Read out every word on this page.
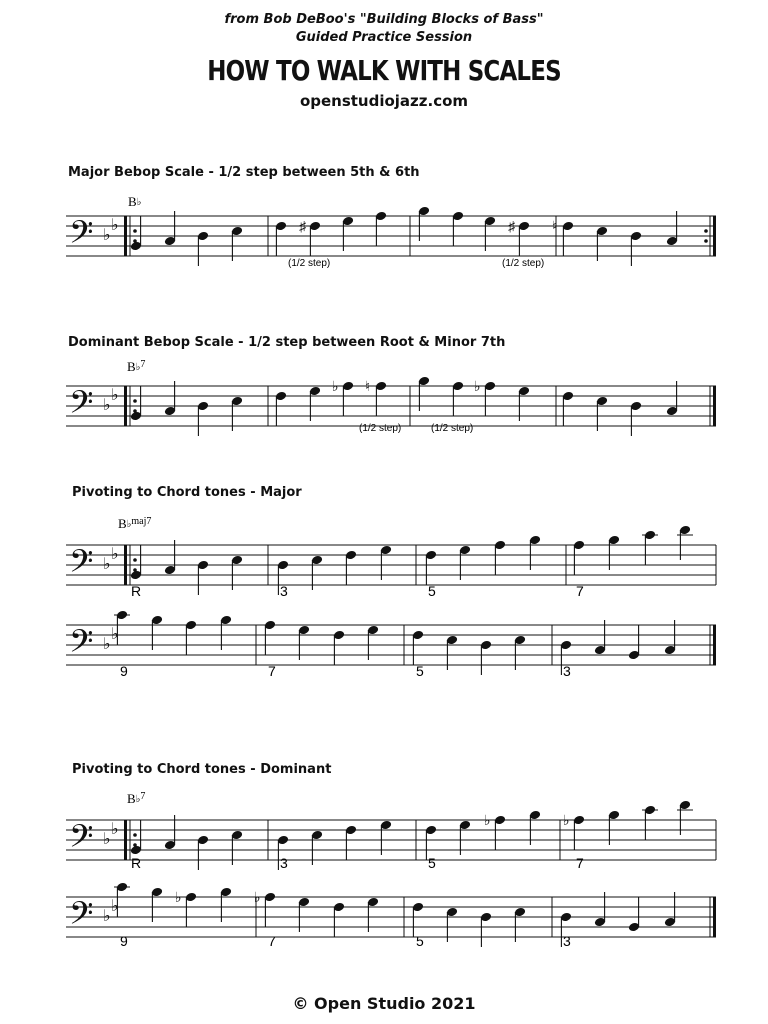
from Bob DeBoo's "Building Blocks of Bass"
Guided Practice Session
HOW TO WALK WITH SCALES
openstudiojazz.com
Major Bebop Scale - 1/2 step between 5th & 6th
Dominant Bebop Scale - 1/2 step between Root & Minor 7th
Pivoting to Chord tones - Major
Pivoting to Chord tones - Dominant
B♭
B♭$^7$
B♭$^{maj7}$
B♭$^7$
(1/2 step)	(1/2 step)
(1/2 step)	(1/2 step)
R	3	5	7
9	7	5	3
R	3	5	7
9	7	5	3
𝄢 ♭
♭	♯	♯	♮
𝄢 ♭
♭	♭ ♮	♭
𝄢 ♭
♭
𝄢 ♭
♭
𝄢 ♭
♭	♭	♭
𝄢 ♭
♭	♭	♭
© Open Studio 2021
